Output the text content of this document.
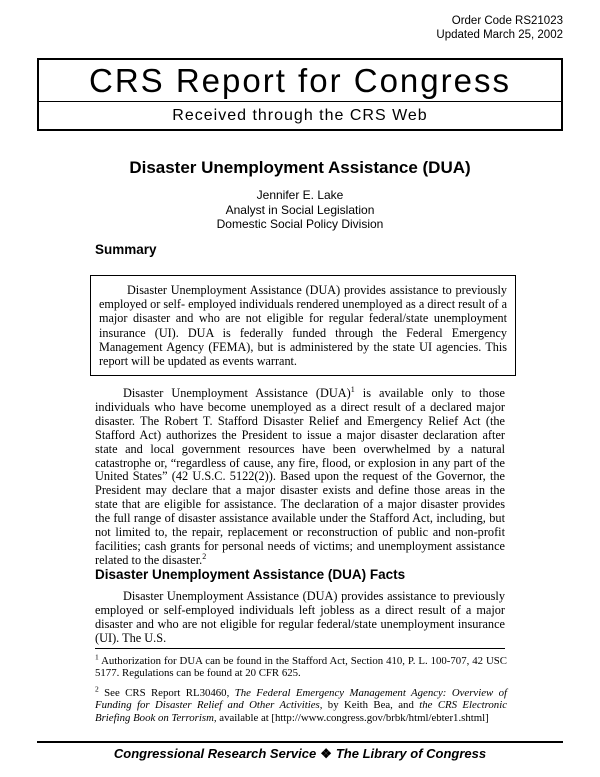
Order Code RS21023
Updated March 25, 2002
CRS Report for Congress
Received through the CRS Web
Disaster Unemployment Assistance (DUA)
Jennifer E. Lake
Analyst in Social Legislation
Domestic Social Policy Division
Summary
Disaster Unemployment Assistance (DUA) provides assistance to previously employed or self- employed individuals rendered unemployed as a direct result of a major disaster and who are not eligible for regular federal/state unemployment insurance (UI). DUA is federally funded through the Federal Emergency Management Agency (FEMA), but is administered by the state UI agencies. This report will be updated as events warrant.

Disaster Unemployment Assistance (DUA)$^1$ is available only to those individuals who have become unemployed as a direct result of a declared major disaster. The Robert T. Stafford Disaster Relief and Emergency Relief Act (the Stafford Act) authorizes the President to issue a major disaster declaration after state and local government resources have been overwhelmed by a natural catastrophe or, “regardless of cause, any fire, flood, or explosion in any part of the United States” (42 U.S.C. 5122(2)). Based upon the request of the Governor, the President may declare that a major disaster exists and define those areas in the state that are eligible for assistance. The declaration of a major disaster provides the full range of disaster assistance available under the Stafford Act, including, but not limited to, the repair, replacement or reconstruction of public and non-profit facilities; cash grants for personal needs of victims; and unemployment assistance related to the disaster.$^2$

Disaster Unemployment Assistance (DUA) Facts

Disaster Unemployment Assistance (DUA) provides assistance to previously employed or self-employed individuals left jobless as a direct result of a major disaster and who are not eligible for regular federal/state unemployment insurance (UI). The U.S.

$^1$ Authorization for DUA can be found in the Stafford Act, Section 410, P. L. 100-707, 42 USC 5177. Regulations can be found at 20 CFR 625.

$^2$ See CRS Report RL30460, The Federal Emergency Management Agency: Overview of Funding for Disaster Relief and Other Activities, by Keith Bea, and the CRS Electronic Briefing Book on Terrorism, available at [http://www.congress.gov/brbk/html/ebter1.shtml]

Congressional Research Service ❖ The Library of Congress
